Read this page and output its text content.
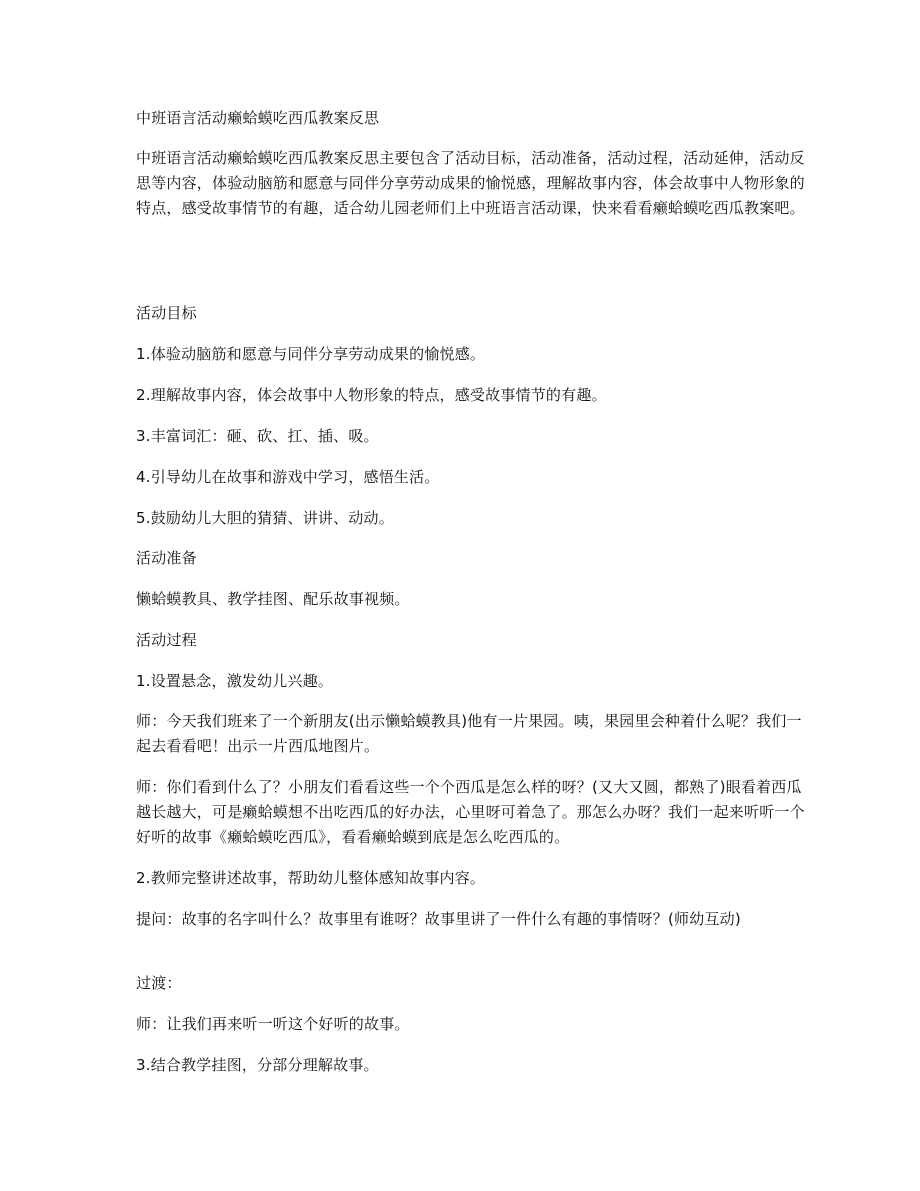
中班语言活动癞蛤蟆吃西瓜教案反思

中班语言活动癞蛤蟆吃西瓜教案反思主要包含了活动目标，活动准备，活动过程，活动延伸，活动反思等内容，体验动脑筋和愿意与同伴分享劳动成果的愉悦感，理解故事内容，体会故事中人物形象的特点，感受故事情节的有趣，适合幼儿园老师们上中班语言活动课，快来看看癞蛤蟆吃西瓜教案吧。

活动目标

1.体验动脑筋和愿意与同伴分享劳动成果的愉悦感。

2.理解故事内容，体会故事中人物形象的特点，感受故事情节的有趣。

3.丰富词汇：砸、砍、扛、插、吸。

4.引导幼儿在故事和游戏中学习，感悟生活。

5.鼓励幼儿大胆的猜猜、讲讲、动动。

活动准备

懒蛤蟆教具、教学挂图、配乐故事视频。

活动过程

1.设置悬念，激发幼儿兴趣。

师：今天我们班来了一个新朋友(出示懒蛤蟆教具)他有一片果园。咦，果园里会种着什么呢？我们一起去看看吧！出示一片西瓜地图片。

师：你们看到什么了？小朋友们看看这些一个个西瓜是怎么样的呀？(又大又圆，都熟了)眼看着西瓜越长越大，可是癞蛤蟆想不出吃西瓜的好办法，心里呀可着急了。那怎么办呀？我们一起来听听一个好听的故事《癞蛤蟆吃西瓜》，看看癞蛤蟆到底是怎么吃西瓜的。

2.教师完整讲述故事，帮助幼儿整体感知故事内容。

提问：故事的名字叫什么？故事里有谁呀？故事里讲了一件什么有趣的事情呀？(师幼互动)

过渡：

师：让我们再来听一听这个好听的故事。

3.结合教学挂图，分部分理解故事。
